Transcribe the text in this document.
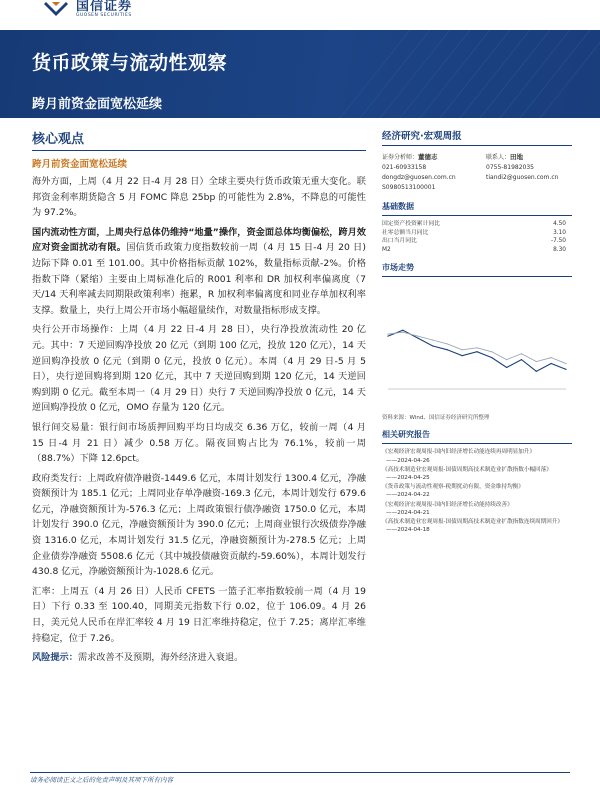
国信证券
GUOSEN SECURITIES
货币政策与流动性观察
跨月前资金面宽松延续
核心观点
跨月前资金面宽松延续

海外方面，上周（4 月 22 日-4 月 28 日）全球主要央行货币政策无重大变化。联邦资金利率期货隐含 5 月 FOMC 降息 25bp 的可能性为 2.8%，不降息的可能性为 97.2%。

国内流动性方面，上周央行总体仍维持“地量”操作，资金面总体均衡偏松，跨月效应对资金面扰动有限。国信货币政策力度指数较前一周（4 月 15 日-4 月 20 日)边际下降 0.01 至 101.00。其中价格指标贡献 102%，数量指标贡献-2%。价格指数下降（紧缩）主要由上周标准化后的 R001 利率和 DR 加权利率偏离度（7 天/14 天利率减去同期限政策利率）拖累，R 加权利率偏离度和同业存单加权利率支撑。数量上，央行上周公开市场小幅超量续作，对数量指标形成支撑。

央行公开市场操作：上周（4 月 22 日-4 月 28 日），央行净投放流动性 20 亿元。其中：7 天逆回购净投放 20 亿元（到期 100 亿元，投放 120 亿元），14 天逆回购净投放 0 亿元（到期 0 亿元，投放 0 亿元）。本周（4 月 29 日-5 月 5 日），央行逆回购将到期 120 亿元，其中 7 天逆回购到期 120 亿元，14 天逆回购到期 0 亿元。截至本周一（4 月 29 日）央行 7 天逆回购净投放 0 亿元，14 天逆回购净投放 0 亿元，OMO 存量为 120 亿元。

银行间交易量：银行间市场质押回购平均日均成交 6.36 万亿，较前一周（4 月 15 日-4 月 21 日）减少 0.58 万亿。隔夜回购占比为 76.1%，较前一周（88.7%）下降 12.6pct。

政府类发行：上周政府债净融资-1449.6 亿元，本周计划发行 1300.4 亿元，净融资额预计为 185.1 亿元；上周同业存单净融资-169.3 亿元，本周计划发行 679.6 亿元，净融资额预计为-576.3 亿元；上周政策银行债净融资 1750.0 亿元，本周计划发行 390.0 亿元，净融资额预计为 390.0 亿元；上周商业银行次级债券净融资 1316.0 亿元，本周计划发行 31.5 亿元，净融资额预计为-278.5 亿元；上周企业债券净融资 5508.6 亿元（其中城投债融资贡献约-59.60%），本周计划发行 430.8 亿元，净融资额预计为-1028.6 亿元。

汇率：上周五（4 月 26 日）人民币 CFETS 一篮子汇率指数较前一周（4 月 19 日）下行 0.33 至 100.40，同期美元指数下行 0.02，位于 106.09。4 月 26 日，美元兑人民币在岸汇率较 4 月 19 日汇率维持稳定，位于 7.25；离岸汇率维持稳定，位于 7.26。

风险提示：需求改善不及预期，海外经济进入衰退。

经济研究·宏观周报
证券分析师：董德志
021-60933158
dongdz@guosen.com.cn
S0980513100001
联系人：田地
0755-81982035
tiandi2@guosen.com.cn
基础数据
国定资产投资累计同比	4.50
社零总额当月同比	3.10
出口当月同比	-7.50
M2	8.30
市场走势
资料来源：Wind、国信证券经济研究所整理
相关研究报告
《宏观经济宏观周报-国内旧经济增长动能连续再周明显加升》
——2024-04-26
《高技术制造业宏观周报-国债周期高技术制造业扩散指数小幅回落》
——2024-04-25
《货币政策与流动性观察-税期扰动有限，资金维持均衡》
——2024-04-22
《宏观经济宏观周报-国内旧经济增长动能持续改善》
——2024-04-21
《高技术制造业宏观周报-国债周期高技术制造业扩散指数连续周期回升》
——2024-04-18
请务必阅读正文之后的免责声明及其项下所有内容
